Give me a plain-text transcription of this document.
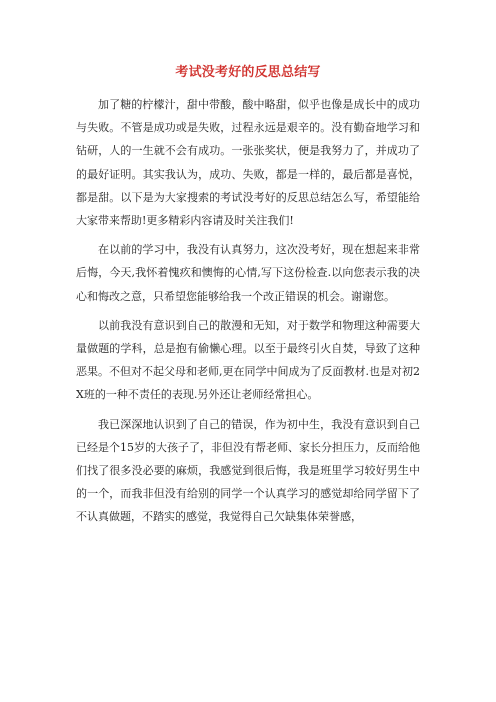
考试没考好的反思总结写

加了糖的柠檬汁，甜中带酸，酸中略甜，似乎也像是成长中的成功与失败。不管是成功或是失败，过程永远是艰辛的。没有勤奋地学习和钻研，人的一生就不会有成功。一张张奖状，便是我努力了，并成功了的最好证明。其实我认为，成功、失败，都是一样的，最后都是喜悦，都是甜。以下是为大家搜索的考试没考好的反思总结怎么写，希望能给大家带来帮助!更多精彩内容请及时关注我们!

在以前的学习中，我没有认真努力，这次没考好，现在想起来非常后悔，今天,我怀着愧疚和懊悔的心情,写下这份检查.以向您表示我的决心和悔改之意，只希望您能够给我一个改正错误的机会。谢谢您。

以前我没有意识到自己的散漫和无知，对于数学和物理这种需要大量做题的学科，总是抱有偷懒心理。以至于最终引火自焚，导致了这种恶果。不但对不起父母和老师,更在同学中间成为了反面教材.也是对初2X班的一种不责任的表现.另外还让老师经常担心。

我已深深地认识到了自己的错误，作为初中生，我没有意识到自己已经是个15岁的大孩子了，非但没有帮老师、家长分担压力，反而给他们找了很多没必要的麻烦，我感觉到很后悔，我是班里学习较好男生中的一个，而我非但没有给别的同学一个认真学习的感觉却给同学留下了不认真做题，不踏实的感觉，我觉得自己欠缺集体荣誉感，
